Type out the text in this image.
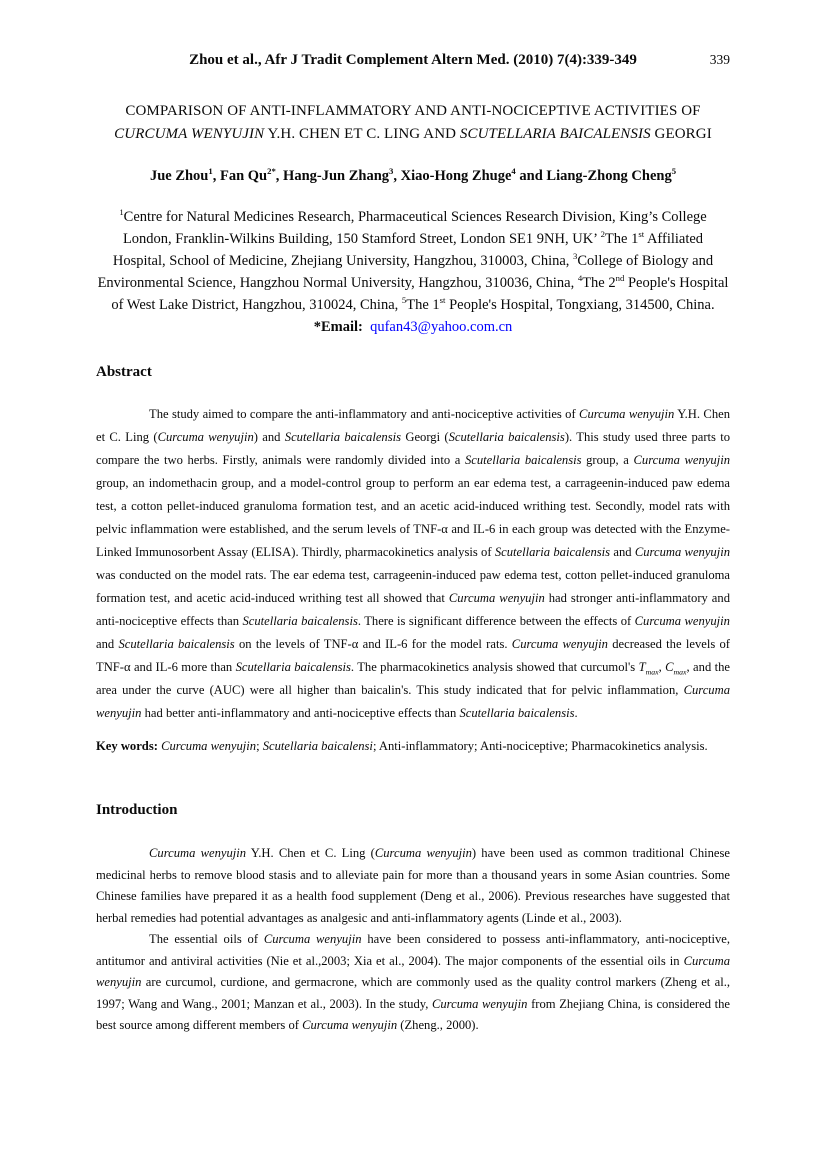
Zhou et al., Afr J Tradit Complement Altern Med. (2010) 7(4):339-349	339
COMPARISON OF ANTI-INFLAMMATORY AND ANTI-NOCICEPTIVE ACTIVITIES OF
CURCUMA WENYUJIN Y.H. CHEN ET C. LING AND SCUTELLARIA BAICALENSIS GEORGI
Jue Zhou$^1$, Fan $Qu^{2*}$, Hang-Jun Zhang$^3$, Xiao-Hong Zhuge$^4$ and Liang-Zhong Cheng$^5$
$^1$Centre for Natural Medicines Research, Pharmaceutical Sciences Research Division, King’s College London, Franklin-Wilkins Building, 150 Stamford Street, London SE1 9NH, UK’ $^2$The 1st Affiliated Hospital, School of Medicine, Zhejiang University, Hangzhou, 310003, China, $^3$College of Biology and Environmental Science, Hangzhou Normal University, Hangzhou, 310036, China, $^4$The 2nd People's Hospital of West Lake District, Hangzhou, 310024, China, $^5$The 1st People's Hospital, Tongxiang, 314500, China.
*Email: qufan43@yahoo.com.cn
Abstract
The study aimed to compare the anti-inflammatory and anti-nociceptive activities of Curcuma wenyujin Y.H. Chen et C. Ling (Curcuma wenyujin) and Scutellaria baicalensis Georgi (Scutellaria baicalensis). This study used three parts to compare the two herbs. Firstly, animals were randomly divided into a Scutellaria baicalensis group, a Curcuma wenyujin group, an indomethacin group, and a model-control group to perform an ear edema test, a carrageenin-induced paw edema test, a cotton pellet-induced granuloma formation test, and an acetic acid-induced writhing test. Secondly, model rats with pelvic inflammation were established, and the serum levels of TNF-α and IL-6 in each group was detected with the Enzyme-Linked Immunosorbent Assay (ELISA). Thirdly, pharmacokinetics analysis of Scutellaria baicalensis and Curcuma wenyujin was conducted on the model rats. The ear edema test, carrageenin-induced paw edema test, cotton pellet-induced granuloma formation test, and acetic acid-induced writhing test all showed that Curcuma wenyujin had stronger anti-inflammatory and anti-nociceptive effects than Scutellaria baicalensis. There is significant difference between the effects of Curcuma wenyujin and Scutellaria baicalensis on the levels of TNF-α and IL-6 for the model rats. Curcuma wenyujin decreased the levels of TNF-α and IL-6 more than Scutellaria baicalensis. The pharmacokinetics analysis showed that curcumol's $T_{max}$, $C_{max}$, and the area under the curve (AUC) were all higher than baicalin's. This study indicated that for pelvic inflammation, Curcuma wenyujin had better anti-inflammatory and anti-nociceptive effects than Scutellaria baicalensis.
Key words: Curcuma wenyujin; Scutellaria baicalensi; Anti-inflammatory; Anti-nociceptive; Pharmacokinetics analysis.
Introduction
Curcuma wenyujin Y.H. Chen et C. Ling (Curcuma wenyujin) have been used as common traditional Chinese medicinal herbs to remove blood stasis and to alleviate pain for more than a thousand years in some Asian countries. Some Chinese families have prepared it as a health food supplement (Deng et al., 2006). Previous researches have suggested that herbal remedies had potential advantages as analgesic and anti-inflammatory agents (Linde et al., 2003).
The essential oils of Curcuma wenyujin have been considered to possess anti-inflammatory, anti-nociceptive, antitumor and antiviral activities (Nie et al.,2003; Xia et al., 2004). The major components of the essential oils in Curcuma wenyujin are curcumol, curdione, and germacrone, which are commonly used as the quality control markers (Zheng et al., 1997; Wang and Wang., 2001; Manzan et al., 2003). In the study, Curcuma wenyujin from Zhejiang China, is considered the best source among different members of Curcuma wenyujin (Zheng., 2000).
